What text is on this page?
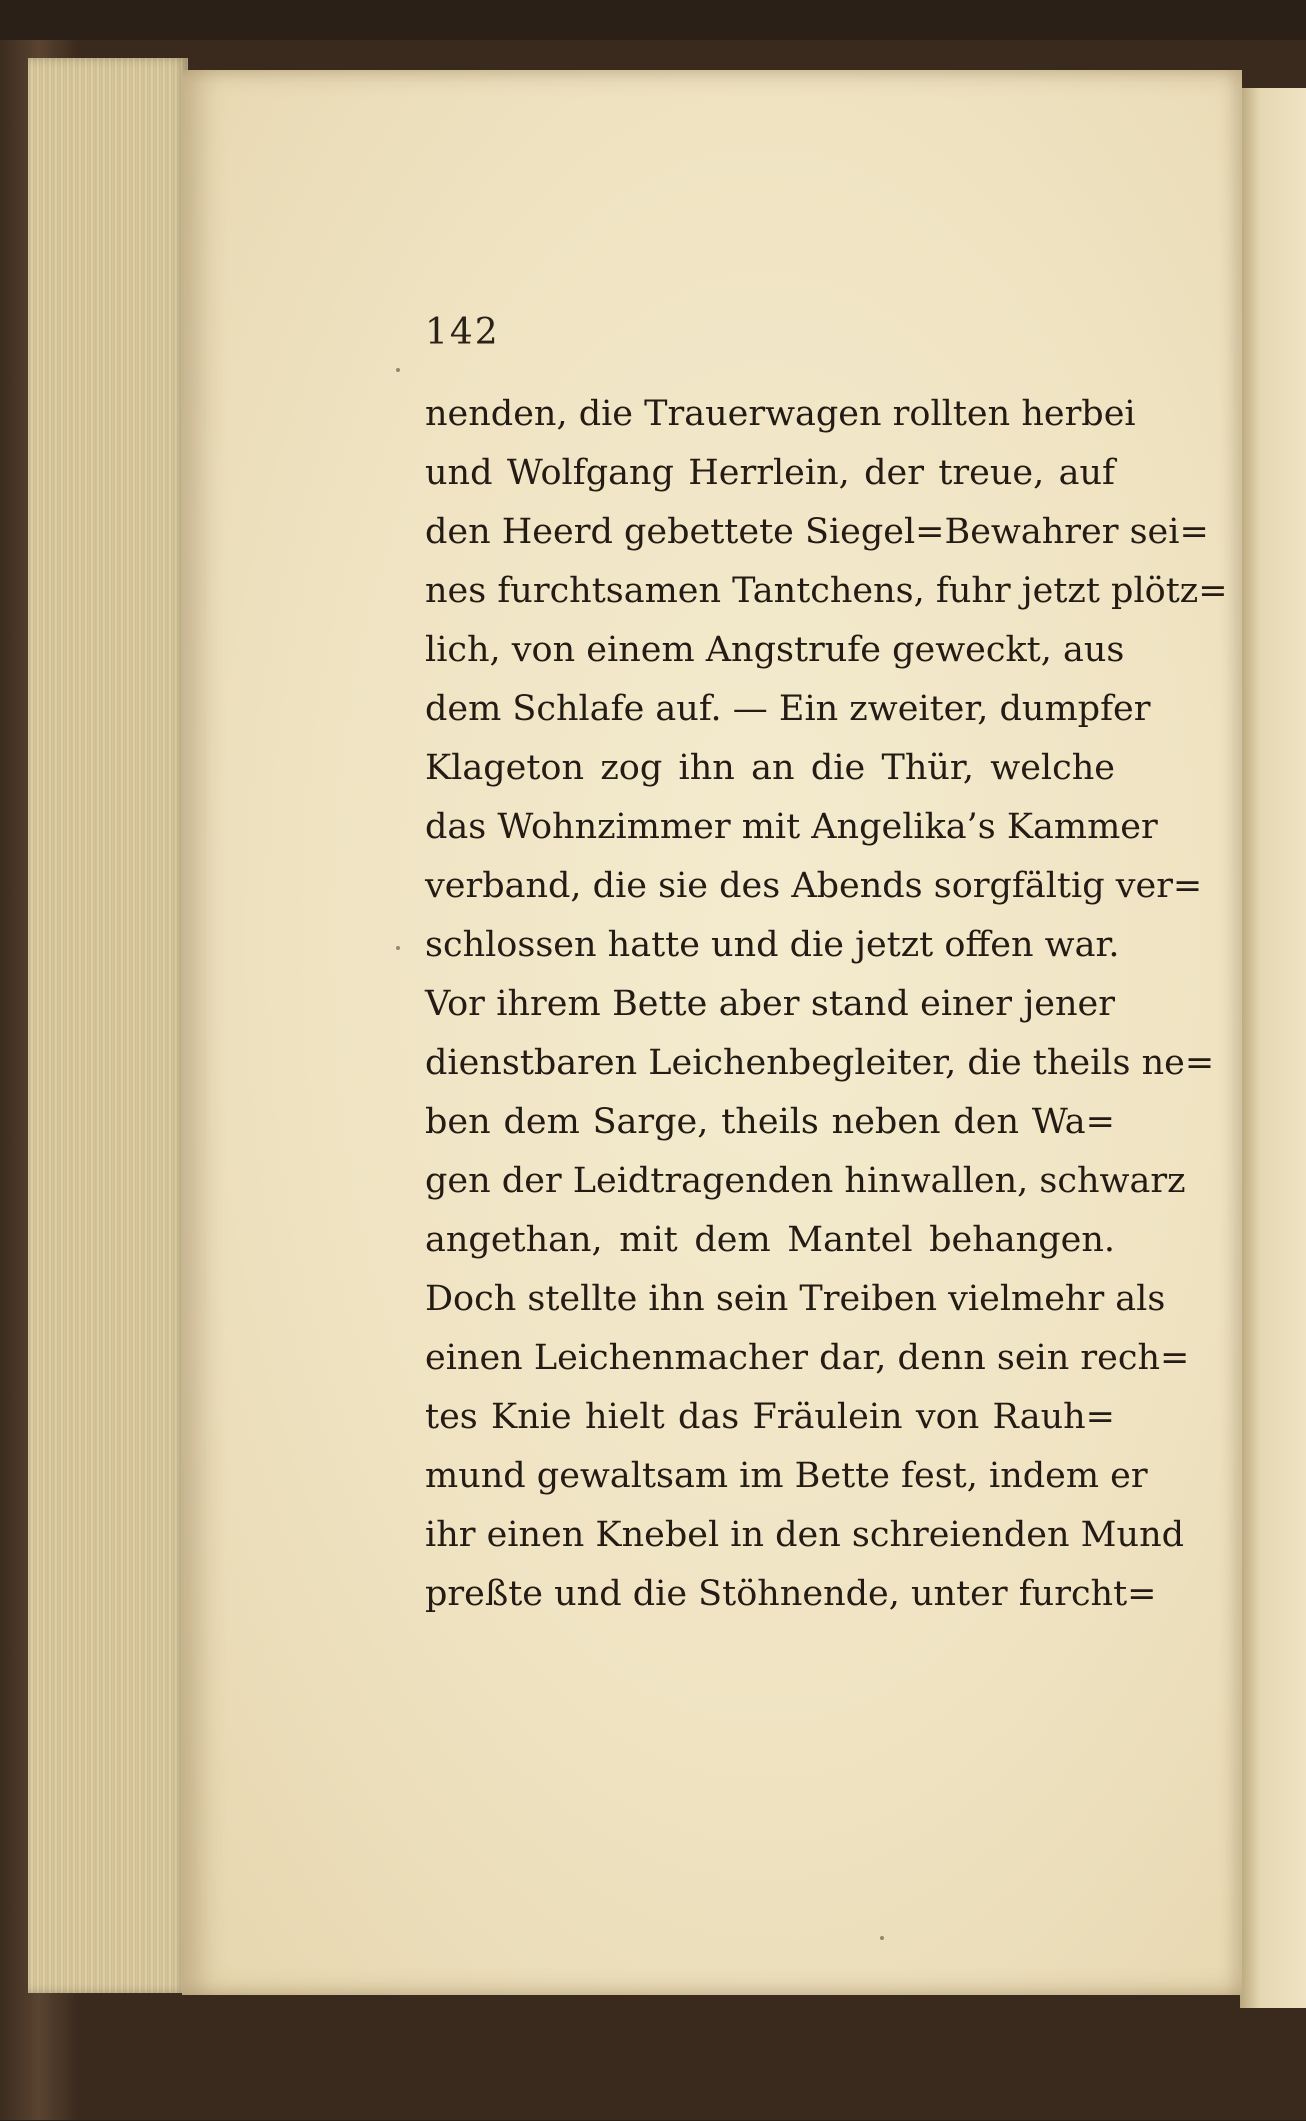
142
nenden, die Trauerwagen rollten herbei
und Wolfgang Herrlein, der treue, auf
den Heerd gebettete Siegel=Bewahrer sei=
nes furchtsamen Tantchens, fuhr jetzt plötz=
lich, von einem Angstrufe geweckt, aus
dem Schlafe auf. — Ein zweiter, dumpfer
Klageton zog ihn an die Thür, welche
das Wohnzimmer mit Angelika’s Kammer
verband, die sie des Abends sorgfältig ver=
schlossen hatte und die jetzt offen war.
Vor ihrem Bette aber stand einer jener
dienstbaren Leichenbegleiter, die theils ne=
ben dem Sarge, theils neben den Wa=
gen der Leidtragenden hinwallen, schwarz
angethan, mit dem Mantel behangen.
Doch stellte ihn sein Treiben vielmehr als
einen Leichenmacher dar, denn sein rech=
tes Knie hielt das Fräulein von Rauh=
mund gewaltsam im Bette fest, indem er
ihr einen Knebel in den schreienden Mund
preßte und die Stöhnende, unter furcht=
